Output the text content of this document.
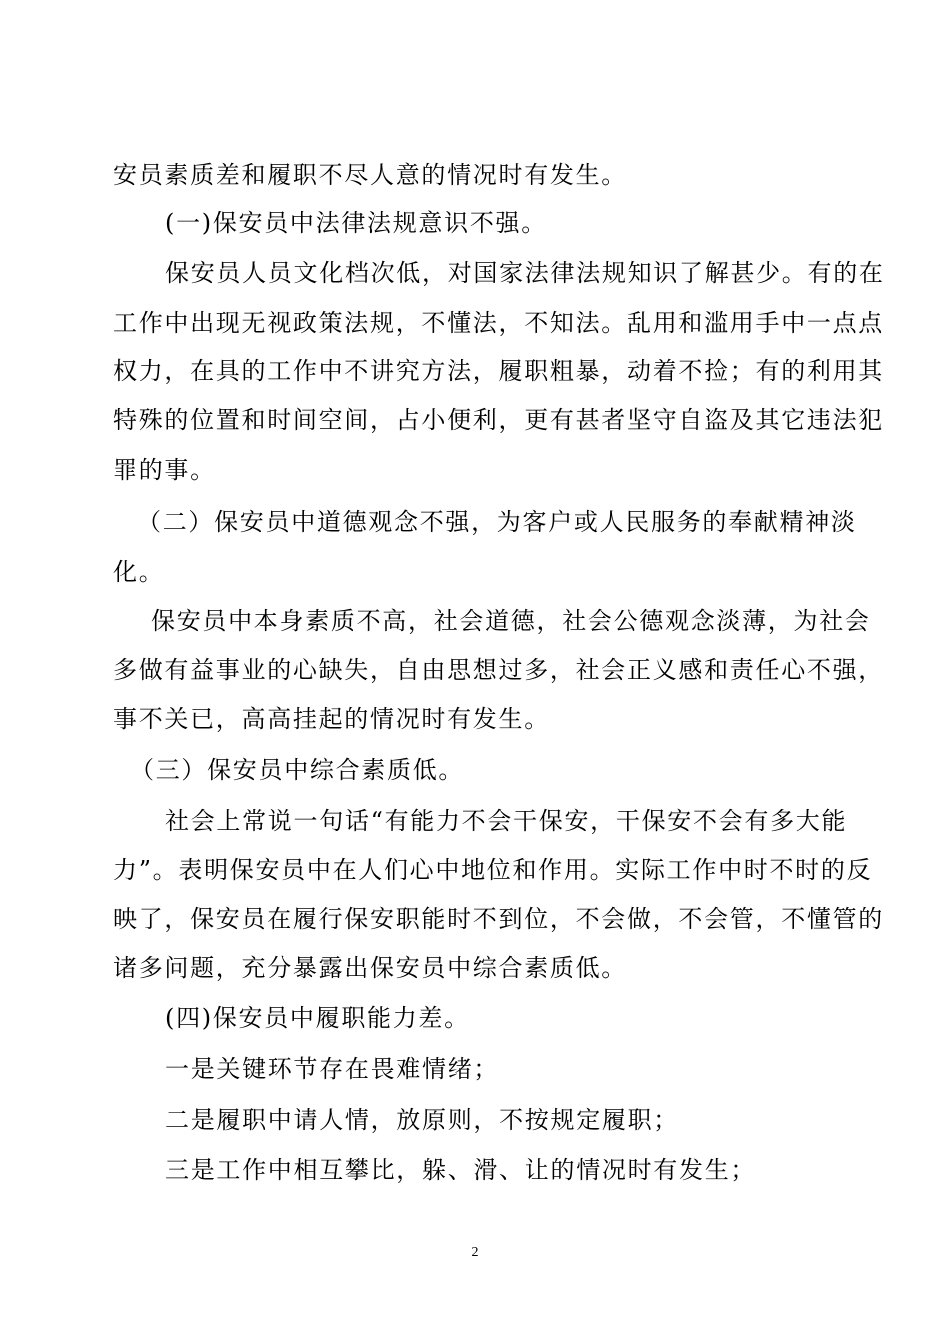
安员素质差和履职不尽人意的情况时有发生。
(一)保安员中法律法规意识不强。
保安员人员文化档次低，对国家法律法规知识了解甚少。有的在
工作中出现无视政策法规，不懂法，不知法。乱用和滥用手中一点点
权力，在具的工作中不讲究方法，履职粗暴，动着不捡；有的利用其
特殊的位置和时间空间，占小便利，更有甚者坚守自盗及其它违法犯
罪的事。
（二）保安员中道德观念不强，为客户或人民服务的奉献精神淡
化。
保安员中本身素质不高，社会道德，社会公德观念淡薄，为社会
多做有益事业的心缺失，自由思想过多，社会正义感和责任心不强，
事不关已，高高挂起的情况时有发生。
（三）保安员中综合素质低。
社会上常说一句话“有能力不会干保安，干保安不会有多大能
力”。表明保安员中在人们心中地位和作用。实际工作中时不时的反
映了，保安员在履行保安职能时不到位，不会做，不会管，不懂管的
诸多问题，充分暴露出保安员中综合素质低。
(四)保安员中履职能力差。
一是关键环节存在畏难情绪；
二是履职中请人情，放原则，不按规定履职；
三是工作中相互攀比，躲、滑、让的情况时有发生；
2
